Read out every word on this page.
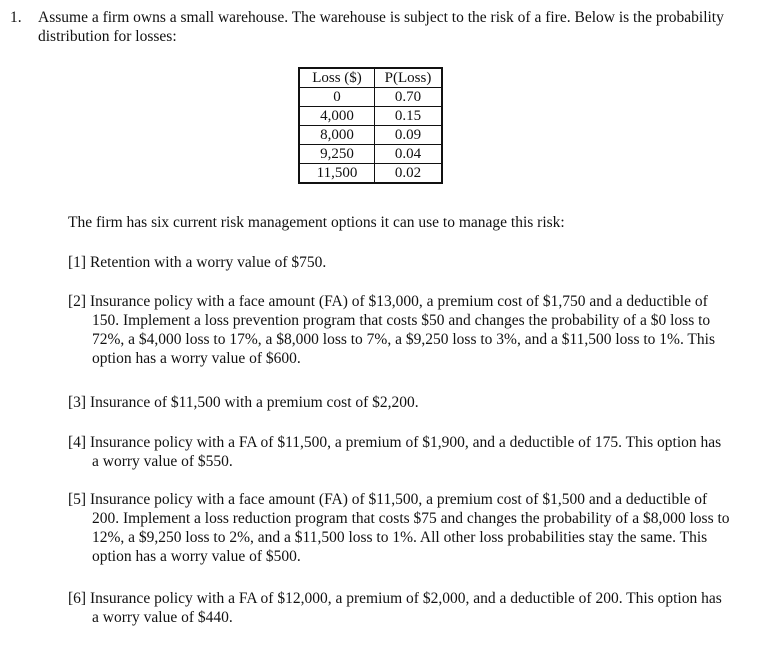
1. Assume a firm owns a small warehouse. The warehouse is subject to the risk of a fire. Below is the probability distribution for losses:
Loss ($)	P(Loss)
0	0.70
4,000	0.15
8,000	0.09
9,250	0.04
11,500	0.02
The firm has six current risk management options it can use to manage this risk:
[1] Retention with a worry value of $750.
[2] Insurance policy with a face amount (FA) of $13,000, a premium cost of $1,750 and a deductible of 150. Implement a loss prevention program that costs $50 and changes the probability of a $0 loss to 72%, a $4,000 loss to 17%, a $8,000 loss to 7%, a $9,250 loss to 3%, and a $11,500 loss to 1%. This option has a worry value of $600.
[3] Insurance of $11,500 with a premium cost of $2,200.
[4] Insurance policy with a FA of $11,500, a premium of $1,900, and a deductible of 175. This option has a worry value of $550.
[5] Insurance policy with a face amount (FA) of $11,500, a premium cost of $1,500 and a deductible of 200. Implement a loss reduction program that costs $75 and changes the probability of a $8,000 loss to 12%, a $9,250 loss to 2%, and a $11,500 loss to 1%. All other loss probabilities stay the same. This option has a worry value of $500.
[6] Insurance policy with a FA of $12,000, a premium of $2,000, and a deductible of 200. This option has a worry value of $440.
